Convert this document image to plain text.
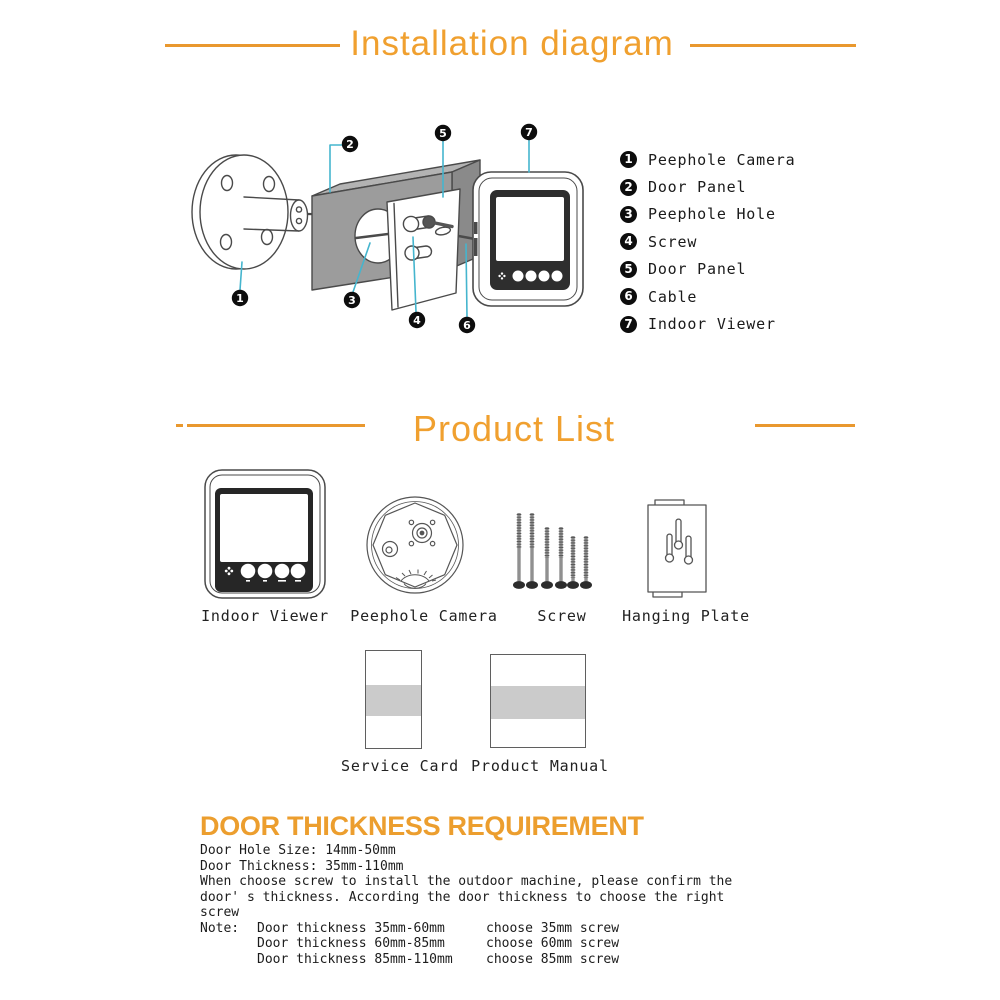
Installation diagram
1
2
3
4
5
6
7
1 Peephole Camera
2 Door Panel
3 Peephole Hole
4 Screw
5 Door Panel
6 Cable
7 Indoor Viewer
Product List
Indoor Viewer Peephole Camera	Screw Hanging Plate
Service Card Product Manual
DOOR THICKNESS REQUIREMENT
Door Hole Size: 14mm-50mm
Door Thickness: 35mm-110mm
When choose screw to install the outdoor machine, please confirm the
door' s thickness. According the door thickness to choose the right
screw
Note:	Door thickness 35mm-60mm	choose 35mm screw
Door thickness 60mm-85mm	choose 60mm screw
Door thickness 85mm-110mm	choose 85mm screw
